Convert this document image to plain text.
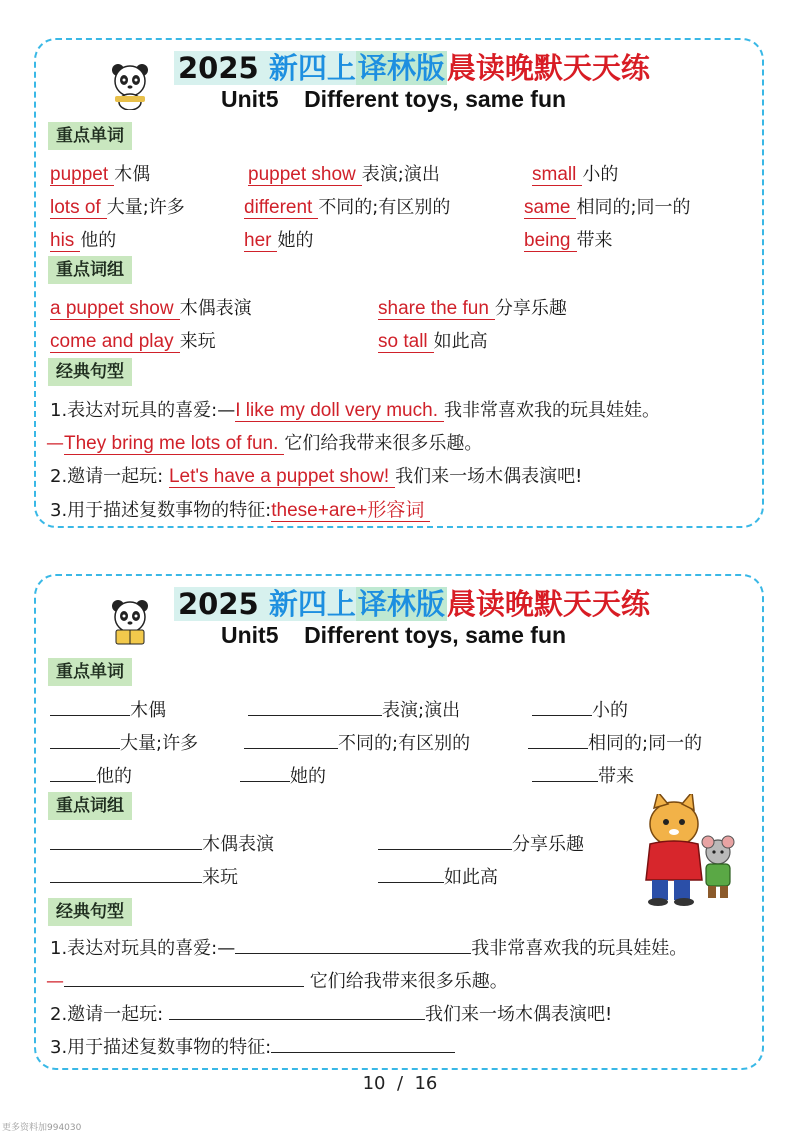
2025 新四上译林版晨读晚默天天练
Unit5 Different toys, same fun
重点单词
puppet 木偶	puppet show 表演;演出	small 小的
lots of 大量;许多	different 不同的;有区别的	same 相同的;同一的
his 他的	her 她的	being 带来
重点词组
a puppet show 木偶表演	share the fun 分享乐趣
come and play 来玩	so tall 如此高
经典句型
1.表达对玩具的喜爱:—I like my doll very much. 我非常喜欢我的玩具娃娃。
—They bring me lots of fun. 它们给我带来很多乐趣。
2.邀请一起玩: Let's have a puppet show! 我们来一场木偶表演吧!
3.用于描述复数事物的特征:these+are+形容词
2025 新四上译林版晨读晚默天天练
Unit5 Different toys, same fun
重点单词
木偶	表演;演出	小的
大量;许多	不同的;有区别的	相同的;同一的
他的	她的	带来
重点词组
木偶表演	分享乐趣
来玩	如此高
经典句型
1.表达对玩具的喜爱:—	我非常喜欢我的玩具娃娃。
—	它们给我带来很多乐趣。
2.邀请一起玩:	我们来一场木偶表演吧!
3.用于描述复数事物的特征:
10  /  16
更多资料加994030
